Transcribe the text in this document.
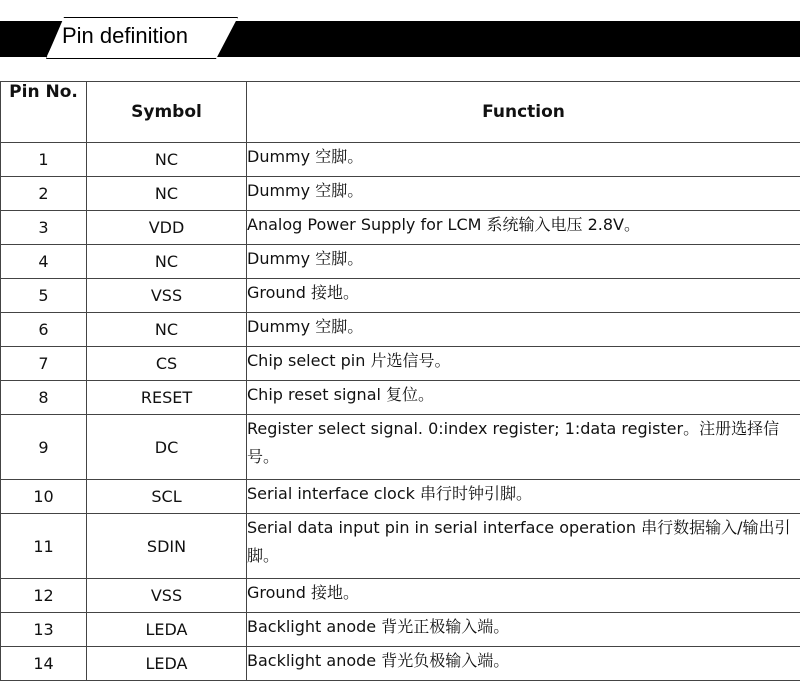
Pin definition
Pin No.	Symbol	Function
1	NC	Dummy 空脚。
2	NC	Dummy 空脚。
3	VDD	Analog Power Supply for LCM 系统输入电压 2.8V。
4	NC	Dummy 空脚。
5	VSS	Ground 接地。
6	NC	Dummy 空脚。
7	CS	Chip select pin 片选信号。
8	RESET	Chip reset signal 复位。
9	DC	Register select signal. 0:index register; 1:data register。注册选择信号。
10	SCL	Serial interface clock 串行时钟引脚。
11	SDIN	Serial data input pin in serial interface operation 串行数据输入/输出引脚。
12	VSS	Ground 接地。
13	LEDA	Backlight anode 背光正极输入端。
14	LEDA	Backlight anode 背光负极输入端。
